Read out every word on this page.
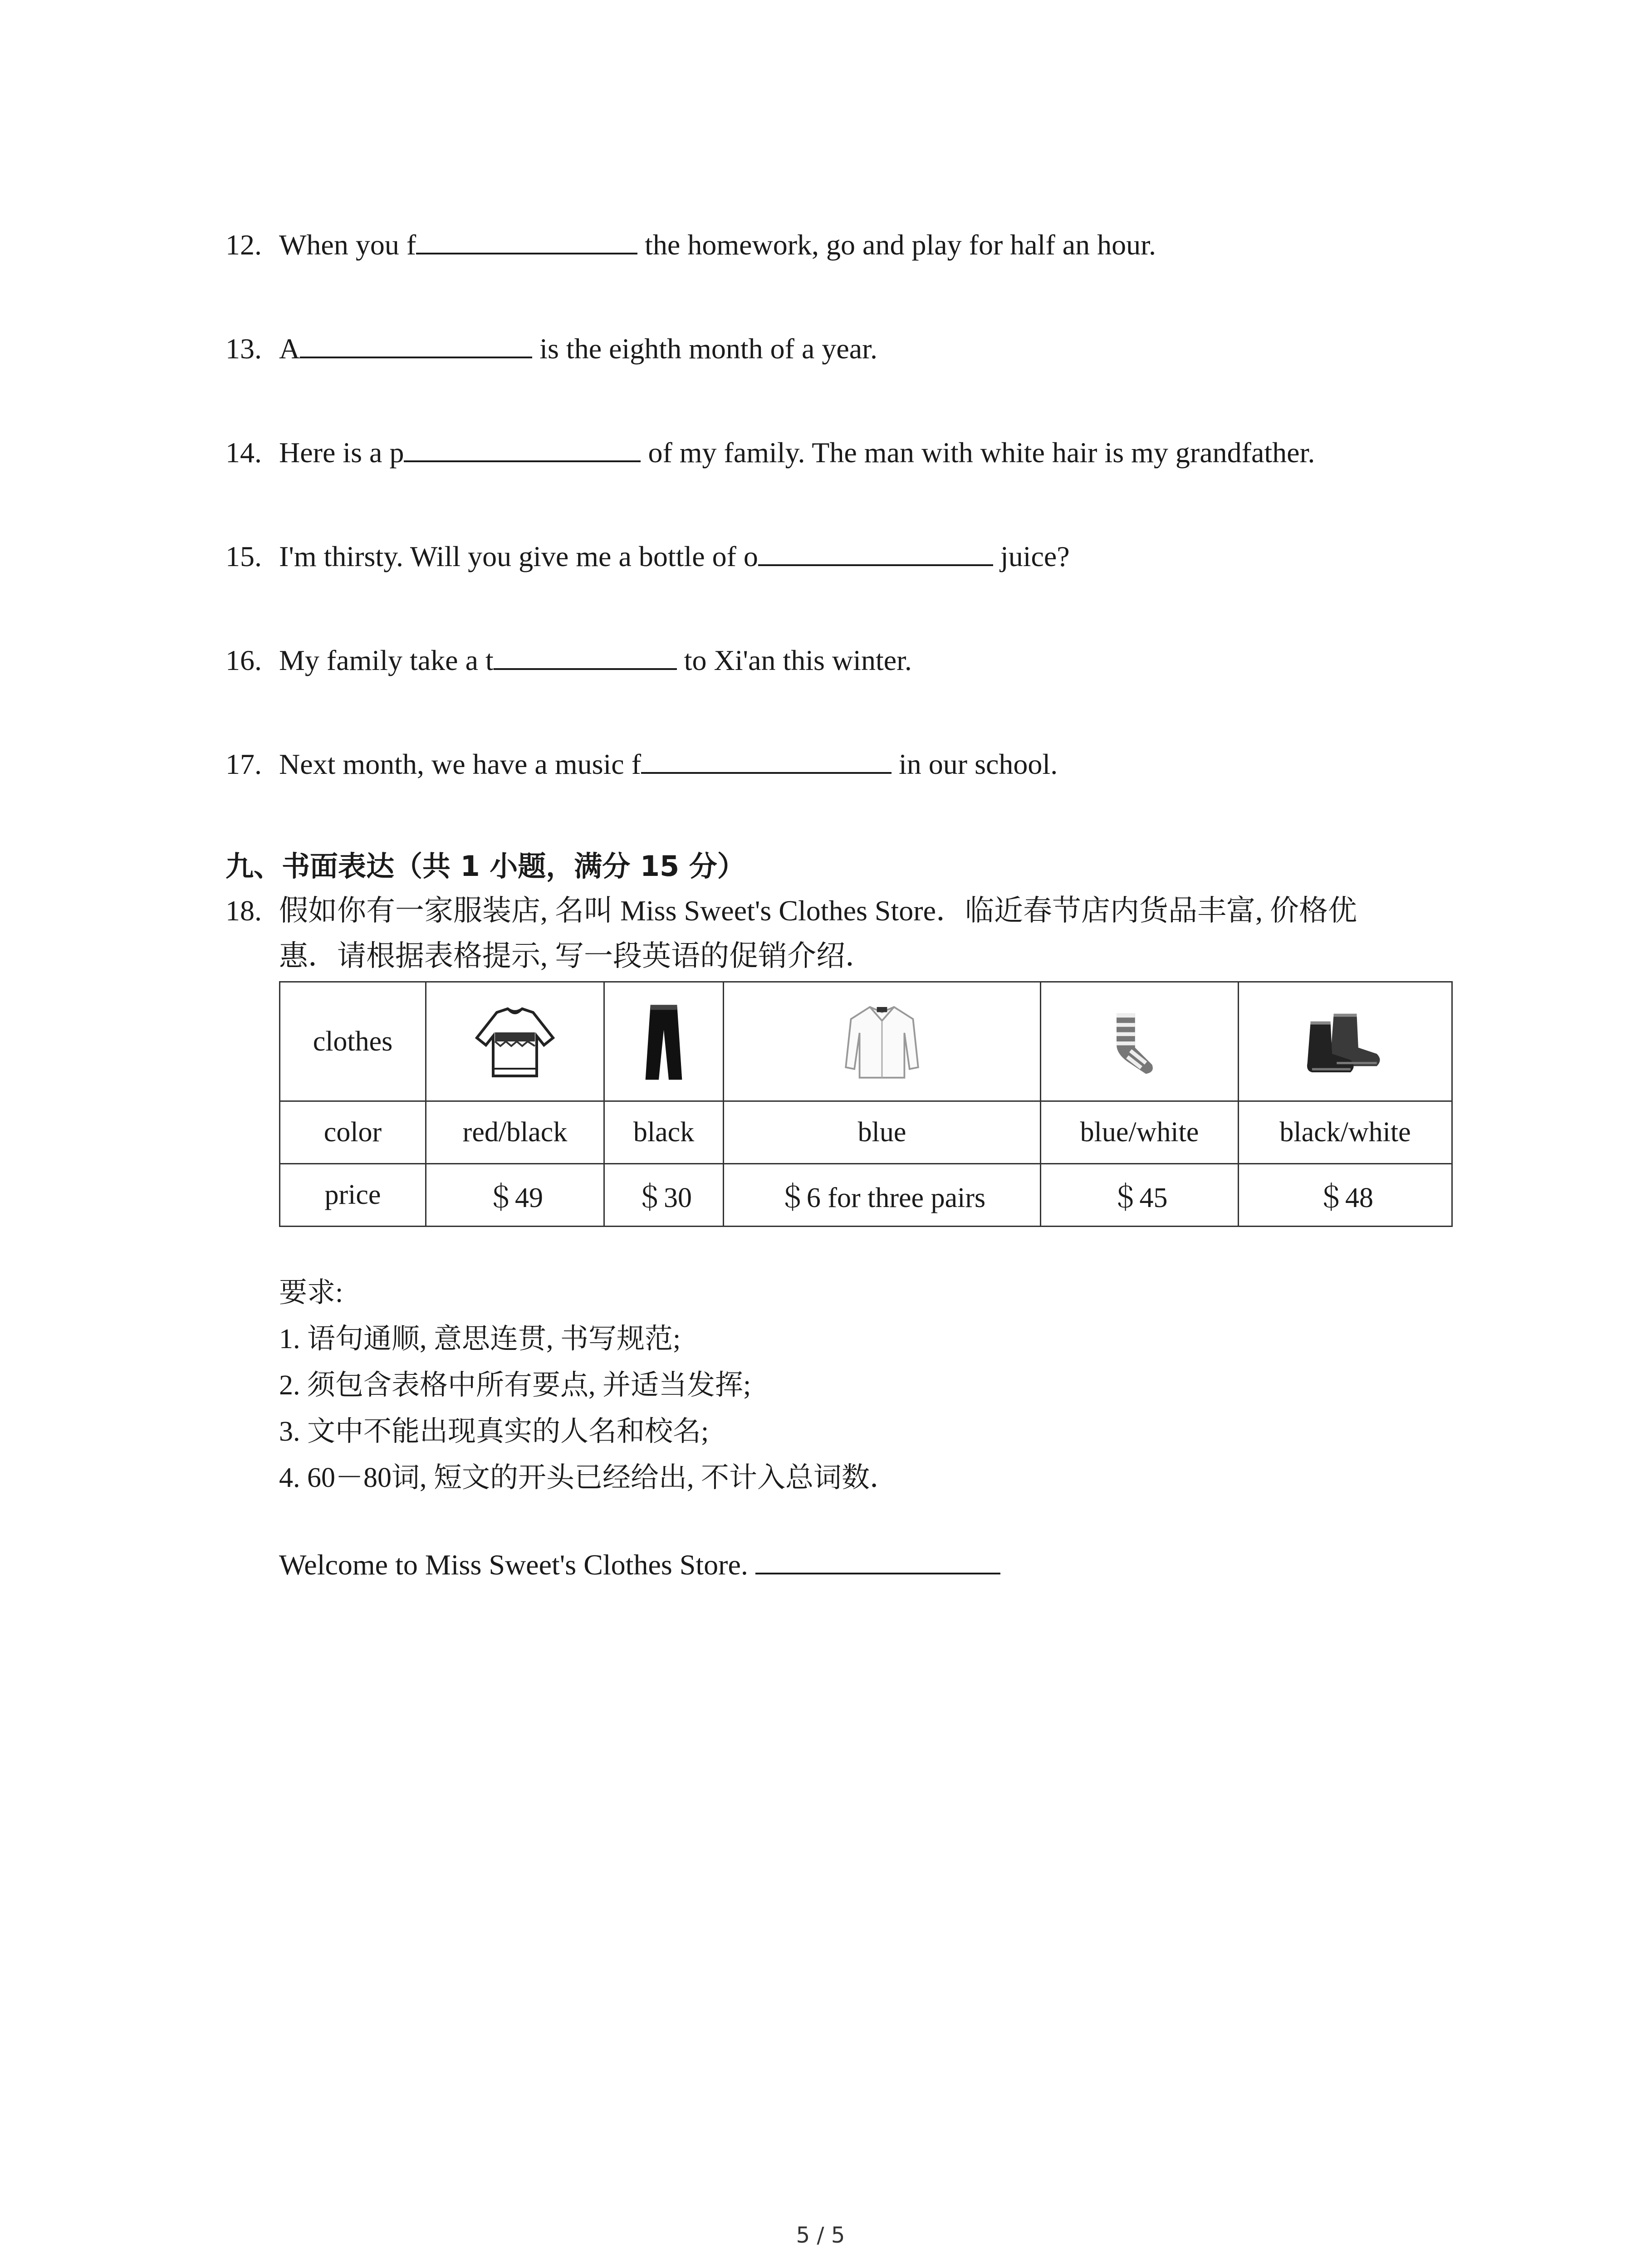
12. When you f	the homework, go and play for half an hour.
13. A	is the eighth month of a year.
14. Here is a p	of my family. The man with white hair is my grandfather.
15. I'm thirsty. Will you give me a bottle of o	juice?
16. My family take a t	to Xi'an this winter.
17. Next month, we have a music f	in our school.
九、书面表达（共 1 小题，满分 15 分）
18. 假如你有一家服装店, 名叫 Miss Sweet's Clothes Store．临近春节店内货品丰富, 价格优
惠．请根据表格提示, 写一段英语的促销介绍．
clothes	

color	red/black	black	blue	blue/white	black/white
price	＄49	＄30	＄6 for three pairs	＄45	＄48
要求:
1. 语句通顺, 意思连贯, 书写规范;
2. 须包含表格中所有要点, 并适当发挥;
3. 文中不能出现真实的人名和校名;
4. 60－80词, 短文的开头已经给出, 不计入总词数．
Welcome to Miss Sweet's Clothes Store.
5 / 5
